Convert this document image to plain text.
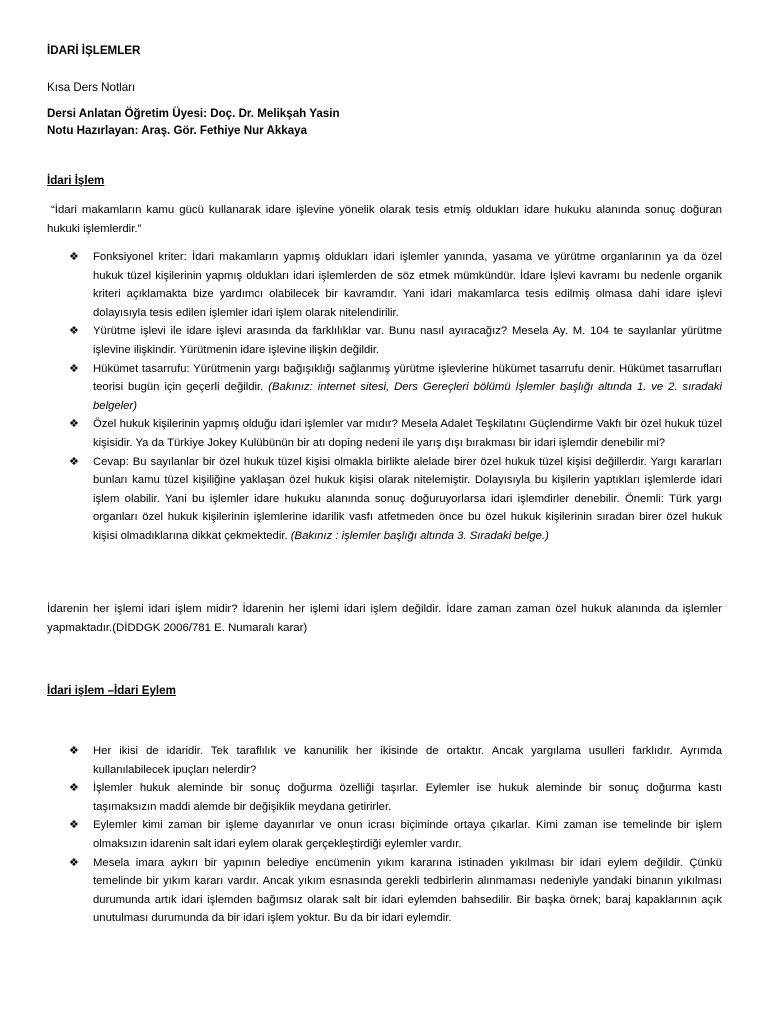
İDARİ İŞLEMLER
Kısa Ders Notları
Dersi Anlatan Öğretim Üyesi: Doç. Dr. Melikşah Yasin
Notu Hazırlayan: Araş. Gör. Fethiye Nur Akkaya
İdari İşlem
“İdari makamların kamu gücü kullanarak idare işlevine yönelik olarak tesis etmiş oldukları idare hukuku alanında sonuç doğuran hukuki işlemlerdir.”
❖ Fonksiyonel kriter: İdari makamların yapmış oldukları idari işlemler yanında, yasama ve yürütme organlarının ya da özel hukuk tüzel kişilerinin yapmış oldukları idari işlemlerden de söz etmek mümkündür. İdare İşlevi kavramı bu nedenle organik kriteri açıklamakta bize yardımcı olabilecek bir kavramdır. Yani idari makamlarca tesis edilmiş olmasa dahi idare işlevi dolayısıyla tesis edilen işlemler idari işlem olarak nitelendirilir.
❖ Yürütme işlevi ile idare işlevi arasında da farklılıklar var. Bunu nasıl ayıracağız? Mesela Ay. M. 104 te sayılanlar yürütme işlevine ilişkindir. Yürütmenin idare işlevine ilişkin değildir.
❖ Hükümet tasarrufu: Yürütmenin yargı bağışıklığı sağlanmış yürütme işlevlerine hükümet tasarrufu denir. Hükümet tasarrufları teorisi bugün için geçerli değildir. (Bakınız: internet sitesi, Ders Gereçleri bölümü İşlemler başlığı altında 1. ve 2. sıradaki belgeler)
❖ Özel hukuk kişilerinin yapmış olduğu idari işlemler var mıdır? Mesela Adalet Teşkilatını Güçlendirme Vakfı bir özel hukuk tüzel kişisidir. Ya da Türkiye Jokey Kulübünün bir atı doping nedeni ile yarış dışı bırakması bir idari işlemdir denebilir mi?
❖ Cevap: Bu sayılanlar bir özel hukuk tüzel kişisi olmakla birlikte alelade birer özel hukuk tüzel kişisi değillerdir. Yargı kararları bunları kamu tüzel kişiliğine yaklaşan özel hukuk kişisi olarak nitelemiştir. Dolayısıyla bu kişilerin yaptıkları işlemlerde idari işlem olabilir. Yani bu işlemler idare hukuku alanında sonuç doğuruyorlarsa idari işlemdirler denebilir. Önemli: Türk yargı organları özel hukuk kişilerinin işlemlerine idarilik vasfı atfetmeden önce bu özel hukuk kişilerinin sıradan birer özel hukuk kişisi olmadıklarına dikkat çekmektedir. (Bakınız : işlemler başlığı altında 3. Sıradaki belge.)
İdarenin her işlemi idari işlem midir? İdarenin her işlemi idari işlem değildir. İdare zaman zaman özel hukuk alanında da işlemler yapmaktadır.(DİDDGK 2006/781 E. Numaralı karar)
İdari işlem –İdari Eylem
❖ Her ikisi de idaridir. Tek taraflılık ve kanunilik her ikisinde de ortaktır. Ancak yargılama usulleri farklıdır. Ayrımda kullanılabilecek ipuçları nelerdir?
❖ İşlemler hukuk aleminde bir sonuç doğurma özelliği taşırlar. Eylemler ise hukuk aleminde bir sonuç doğurma kastı taşımaksızın maddi alemde bir değişiklik meydana getirirler.
❖ Eylemler kimi zaman bir işleme dayanırlar ve onun icrası biçiminde ortaya çıkarlar. Kimi zaman ise temelinde bir işlem olmaksızın idarenin salt idari eylem olarak gerçekleştirdiği eylemler vardır.
❖ Mesela imara aykırı bir yapının belediye encümenin yıkım kararına istinaden yıkılması bir idari eylem değildir. Çünkü temelinde bir yıkım kararı vardır. Ancak yıkım esnasında gerekli tedbirlerin alınmaması nedeniyle yandaki binanın yıkılması durumunda artık idari işlemden bağımsız olarak salt bir idari eylemden bahsedilir. Bir başka örnek; baraj kapaklarının açık unutulması durumunda da bir idari işlem yoktur. Bu da bir idari eylemdir.
